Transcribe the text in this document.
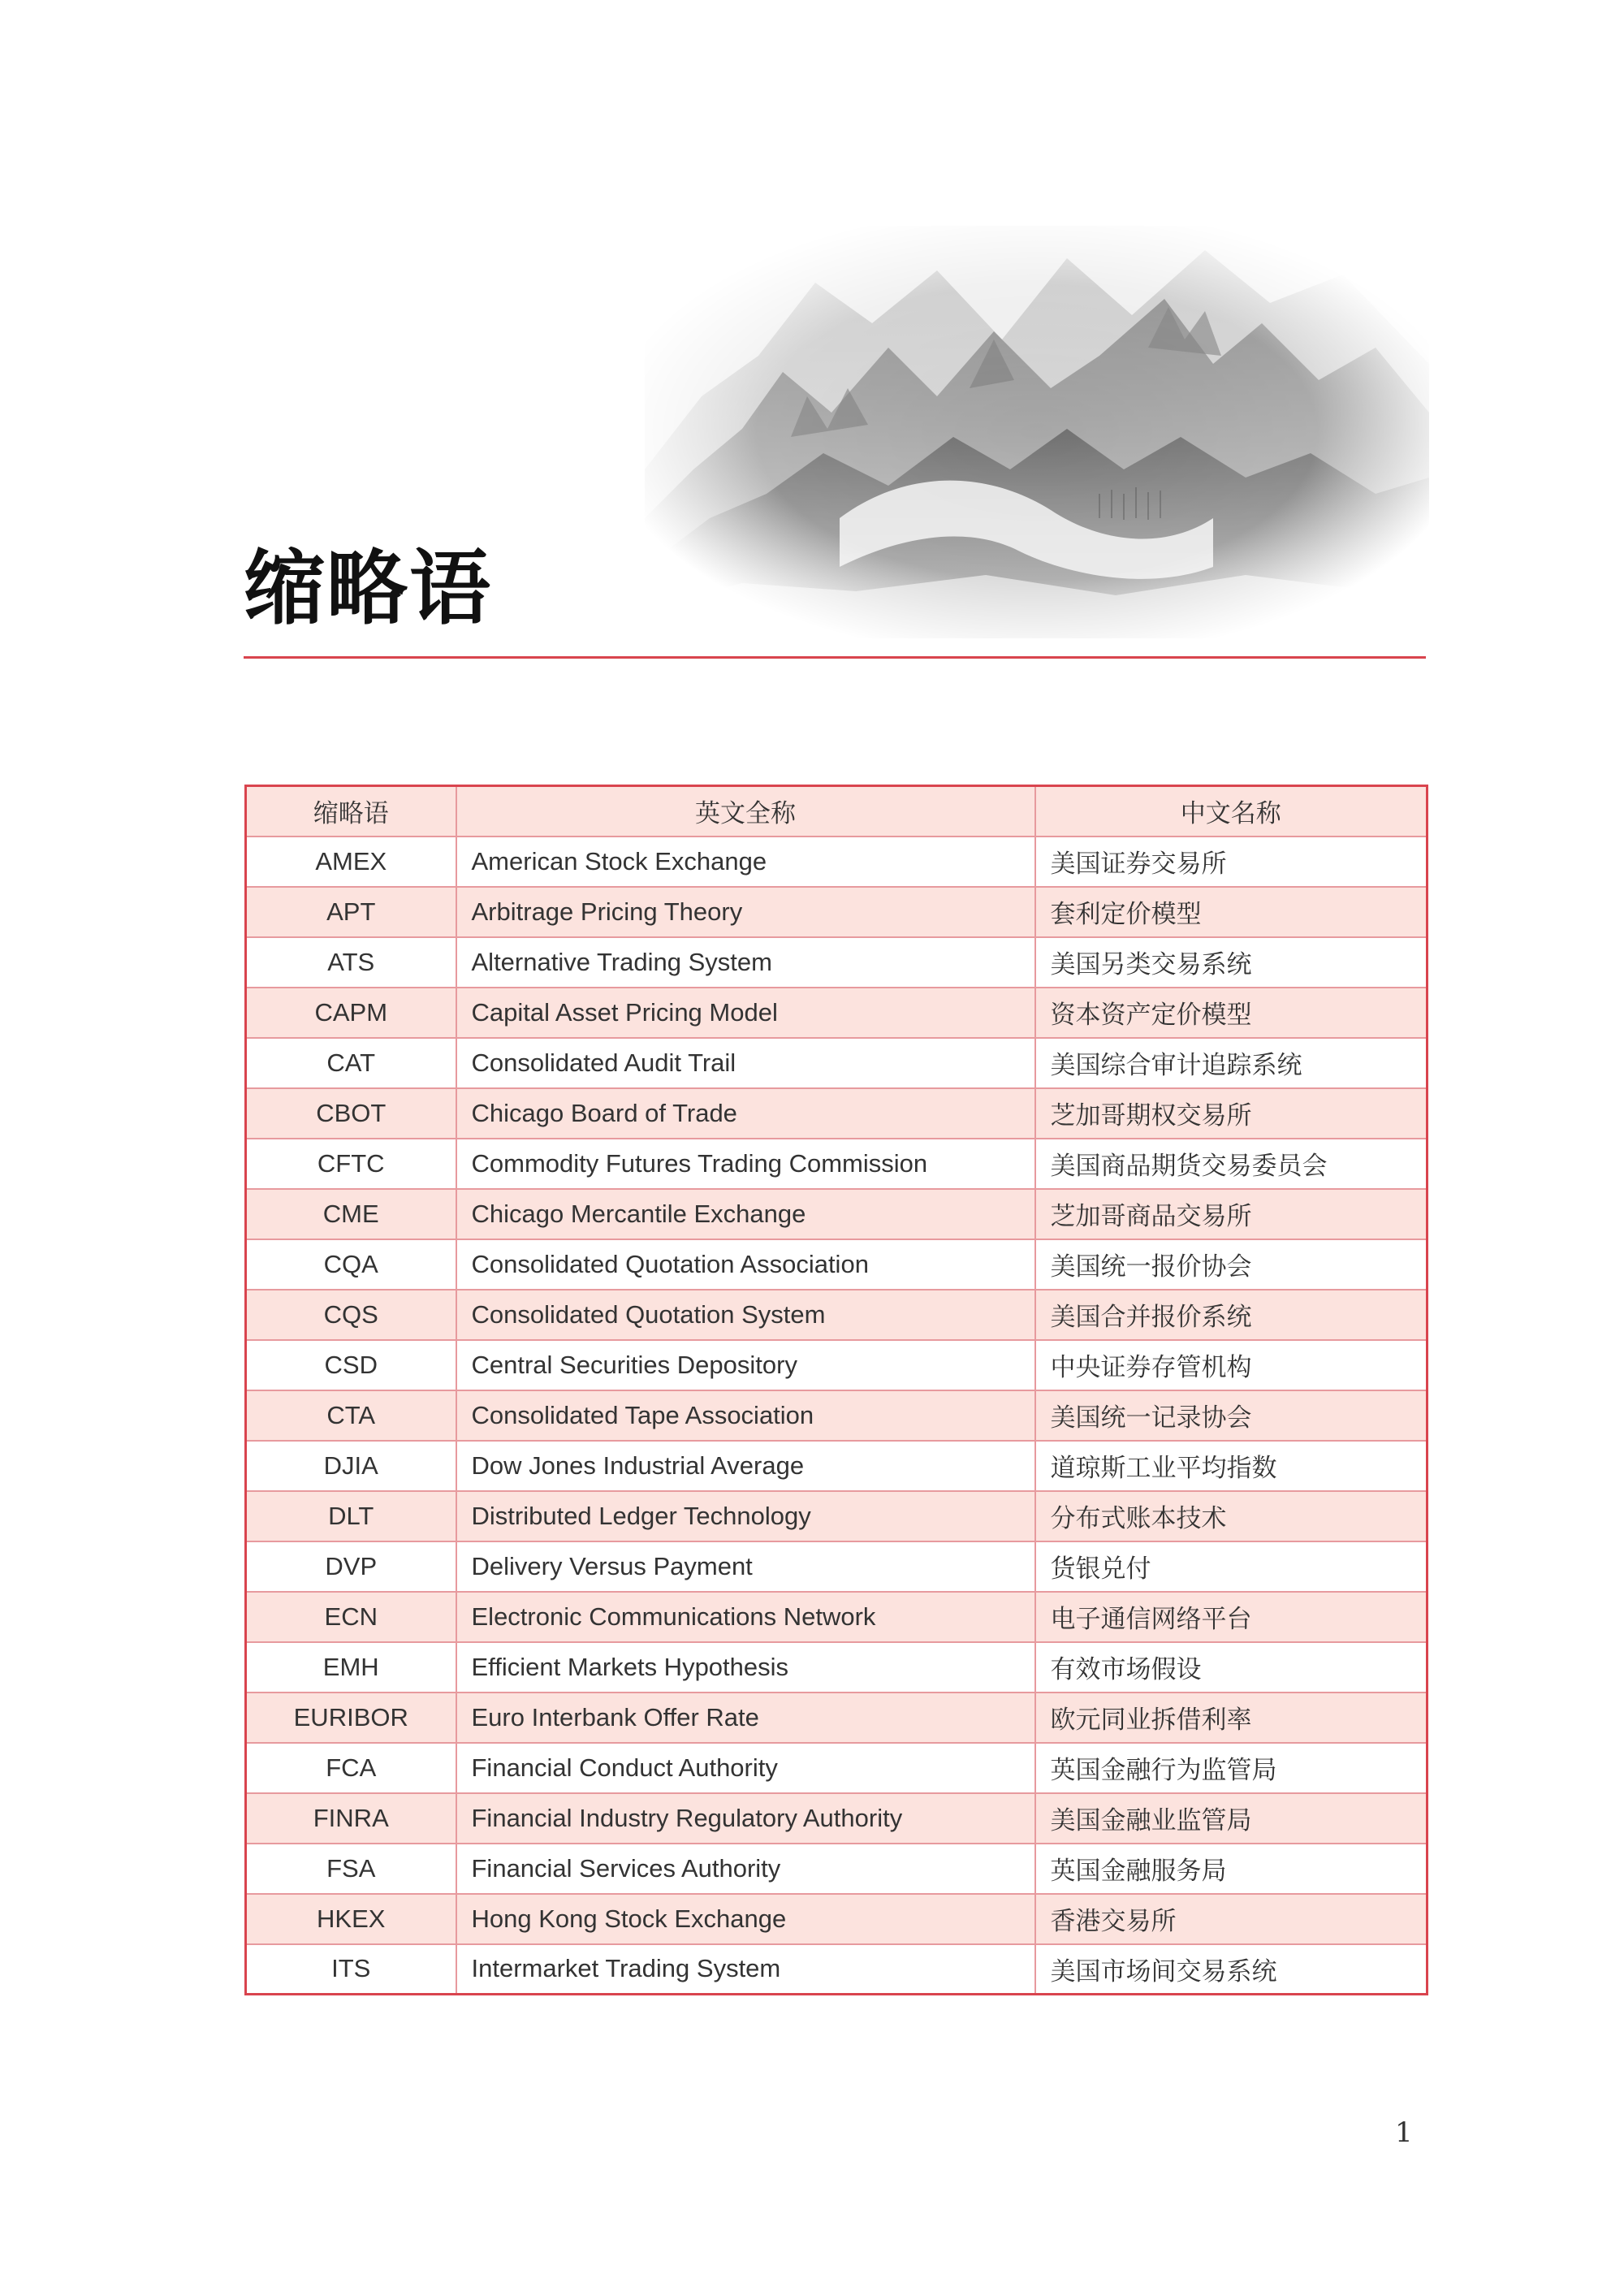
缩略语
缩略语	英文全称	中文名称
AMEX	American Stock Exchange	美国证券交易所
APT	Arbitrage Pricing Theory	套利定价模型
ATS	Alternative Trading System	美国另类交易系统
CAPM	Capital Asset Pricing Model	资本资产定价模型
CAT	Consolidated Audit Trail	美国综合审计追踪系统
CBOT	Chicago Board of Trade	芝加哥期权交易所
CFTC	Commodity Futures Trading Commission	美国商品期货交易委员会
CME	Chicago Mercantile Exchange	芝加哥商品交易所
CQA	Consolidated Quotation Association	美国统一报价协会
CQS	Consolidated Quotation System	美国合并报价系统
CSD	Central Securities Depository	中央证券存管机构
CTA	Consolidated Tape Association	美国统一记录协会
DJIA	Dow Jones Industrial Average	道琼斯工业平均指数
DLT	Distributed Ledger Technology	分布式账本技术
DVP	Delivery Versus Payment	货银兑付
ECN	Electronic Communications Network	电子通信网络平台
EMH	Efficient Markets Hypothesis	有效市场假设
EURIBOR	Euro Interbank Offer Rate	欧元同业拆借利率
FCA	Financial Conduct Authority	英国金融行为监管局
FINRA	Financial Industry Regulatory Authority	美国金融业监管局
FSA	Financial Services Authority	英国金融服务局
HKEX	Hong Kong Stock Exchange	香港交易所
ITS	Intermarket Trading System	美国市场间交易系统
1
